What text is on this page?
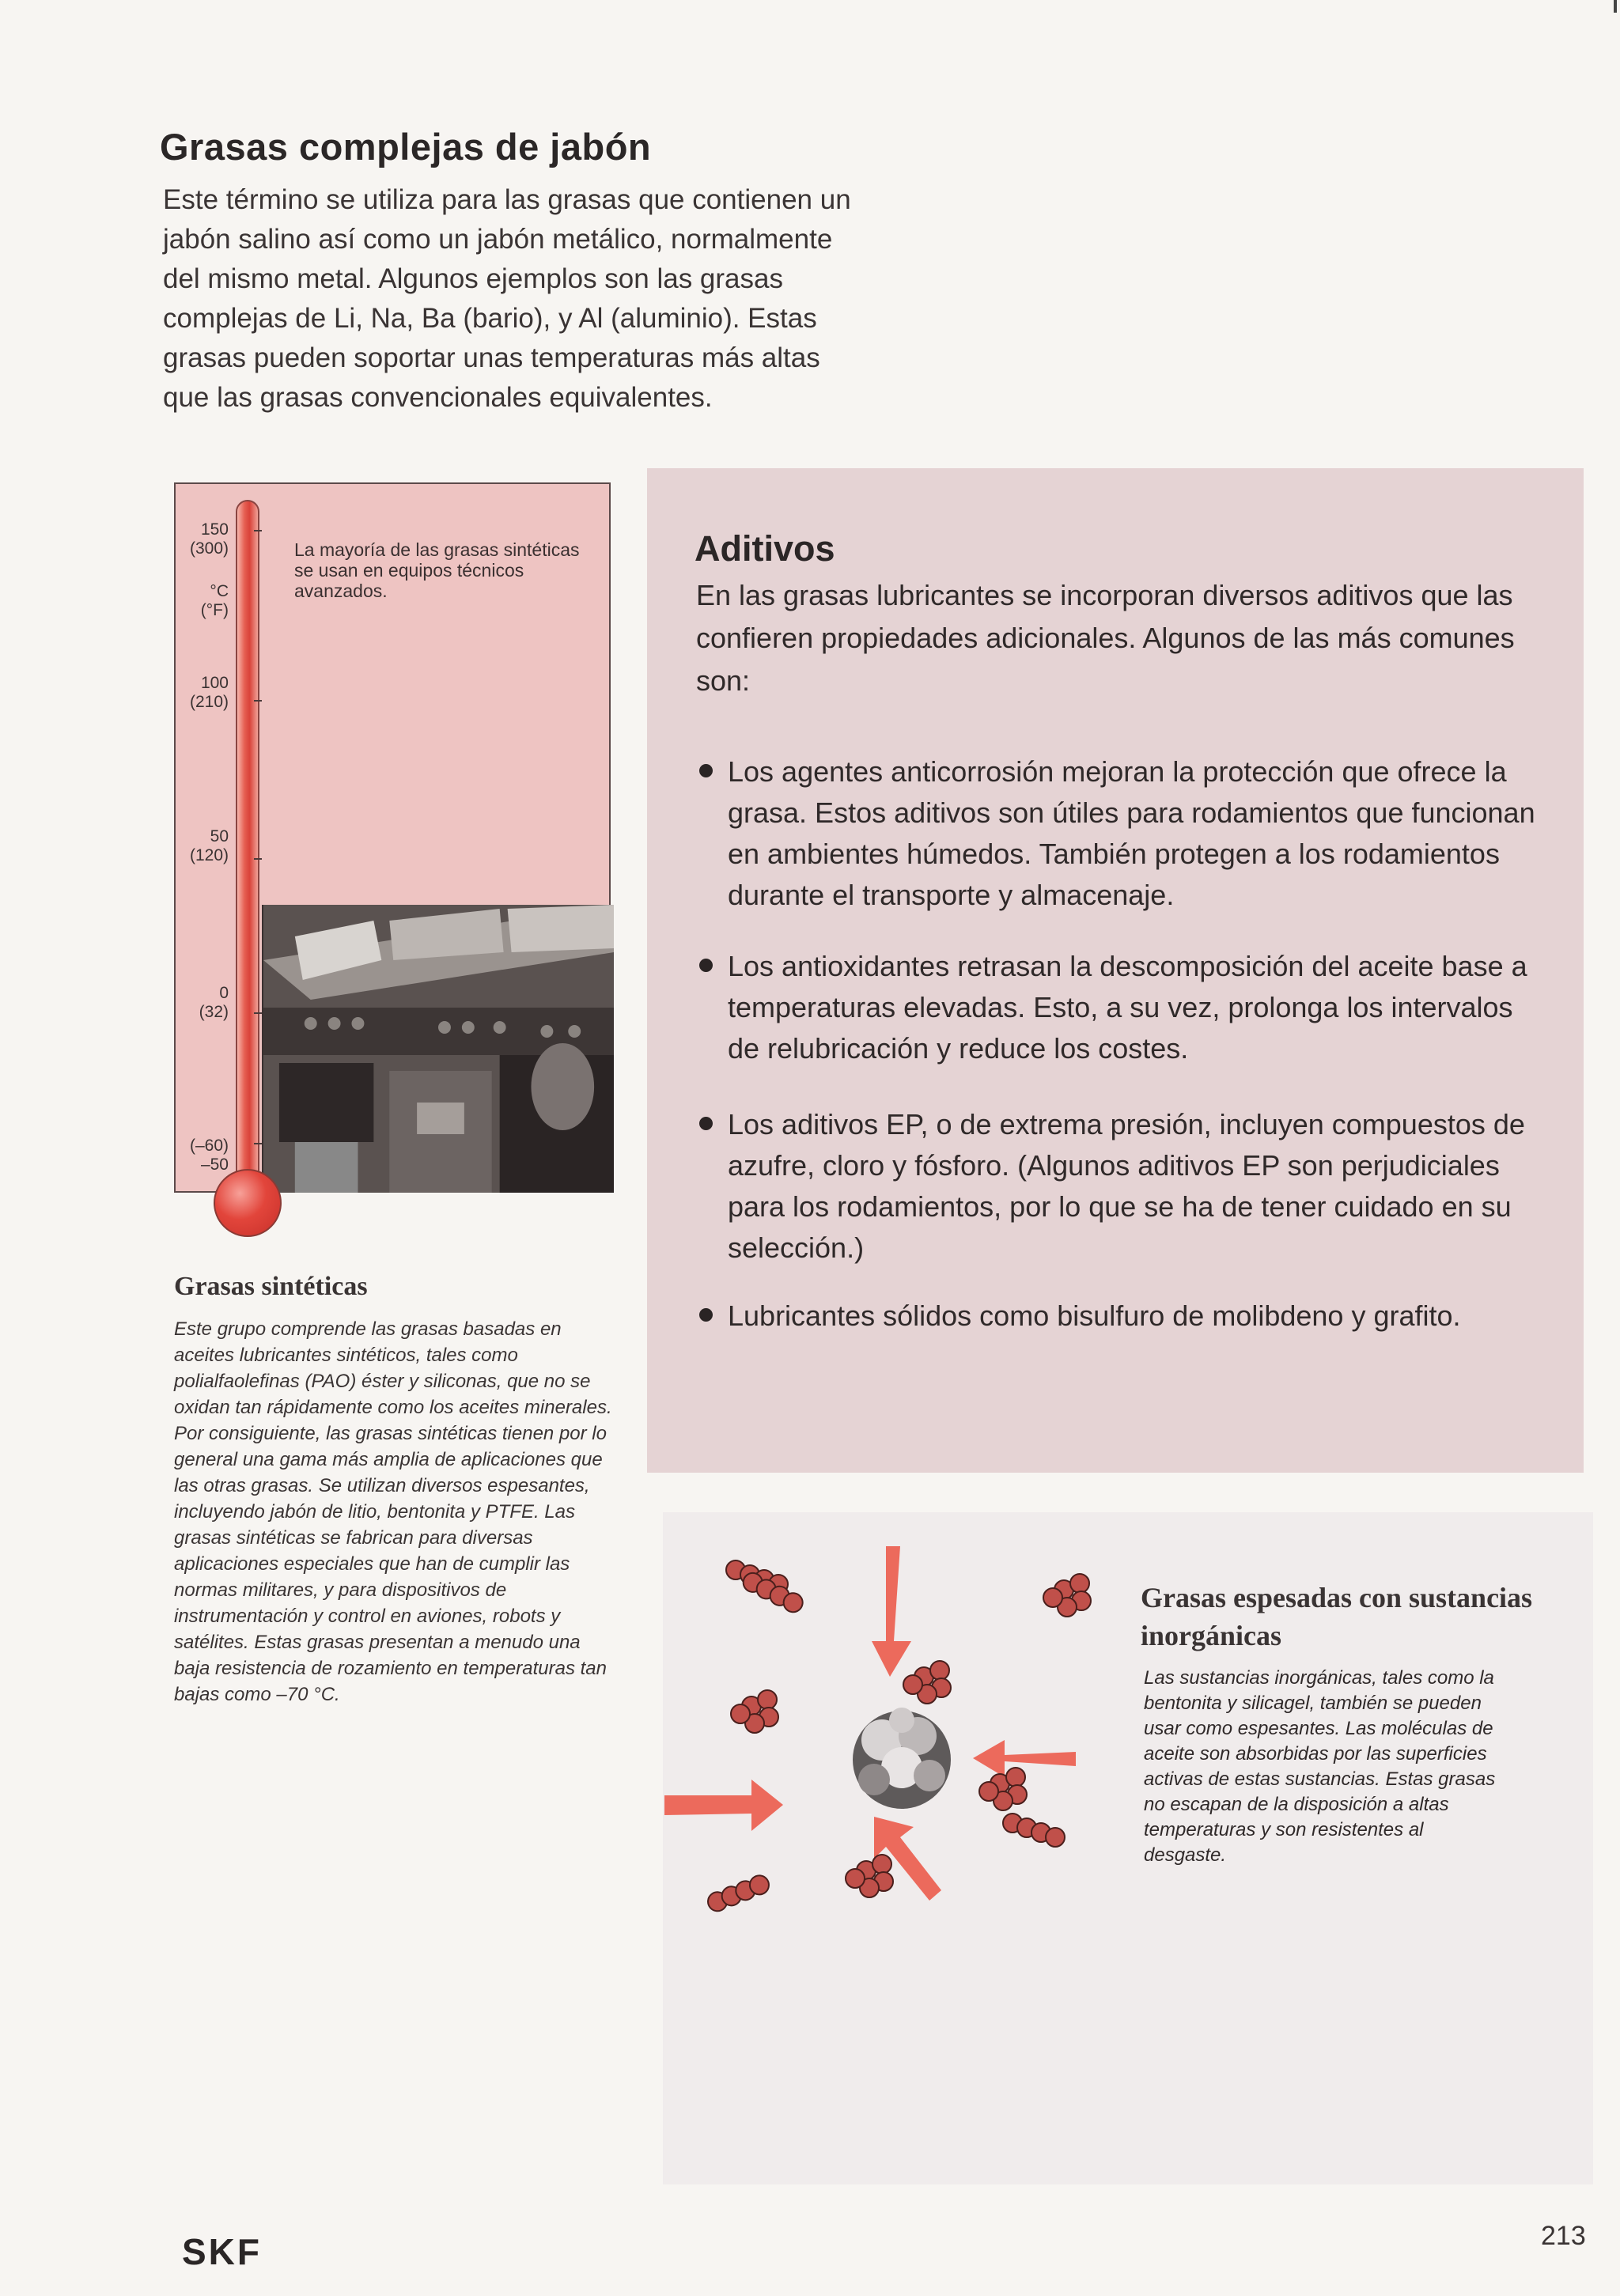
Grasas complejas de jabón

Este término se utiliza para las grasas que contienen un jabón salino así como un jabón metálico, normalmente del mismo metal. Algunos ejemplos son las grasas complejas de Li, Na, Ba (bario), y Al (aluminio). Estas grasas pueden soportar unas temperaturas más altas que las grasas convencionales equivalentes.

150
(300)
°C
(°F)
100
(210)
50
(120)
0
(32)
(–60)
–50

La mayoría de las grasas sintéticas se usan en equipos técnicos avanzados.

Grasas sintéticas

Este grupo comprende las grasas basadas en aceites lubricantes sintéticos, tales como polialfaolefinas (PAO) éster y siliconas, que no se oxidan tan rápidamente como los aceites minerales. Por consiguiente, las grasas sintéticas tienen por lo general una gama más amplia de aplicaciones que las otras grasas. Se utilizan diversos espesantes, incluyendo jabón de litio, bentonita y PTFE. Las grasas sintéticas se fabrican para diversas aplicaciones especiales que han de cumplir las normas militares, y para dispositivos de instrumentación y control en aviones, robots y satélites. Estas grasas presentan a menudo una baja resistencia de rozamiento en temperaturas tan bajas como –70 °C.

Aditivos

En las grasas lubricantes se incorporan diversos aditivos que las confieren propiedades adicionales. Algunos de las más comunes son:

Los agentes anticorrosión mejoran la protección que ofrece la grasa. Estos aditivos son útiles para rodamientos que funcionan en ambientes húmedos. También protegen a los rodamientos durante el transporte y almacenaje.

Los antioxidantes retrasan la descomposición del aceite base a temperaturas elevadas. Esto, a su vez, prolonga los intervalos de relubricación y reduce los costes.

Los aditivos EP, o de extrema presión, incluyen compuestos de azufre, cloro y fósforo. (Algunos aditivos EP son perjudiciales para los rodamientos, por lo que se ha de tener cuidado en su selección.)

Lubricantes sólidos como bisulfuro de molibdeno y grafito.

Grasas espesadas con sustancias inorgánicas

Las sustancias inorgánicas, tales como la bentonita y silicagel, también se pueden usar como espesantes. Las moléculas de aceite son absorbidas por las superficies activas de estas sustancias. Estas grasas no escapan de la disposición a altas temperaturas y son resistentes al desgaste.

SKF	213
